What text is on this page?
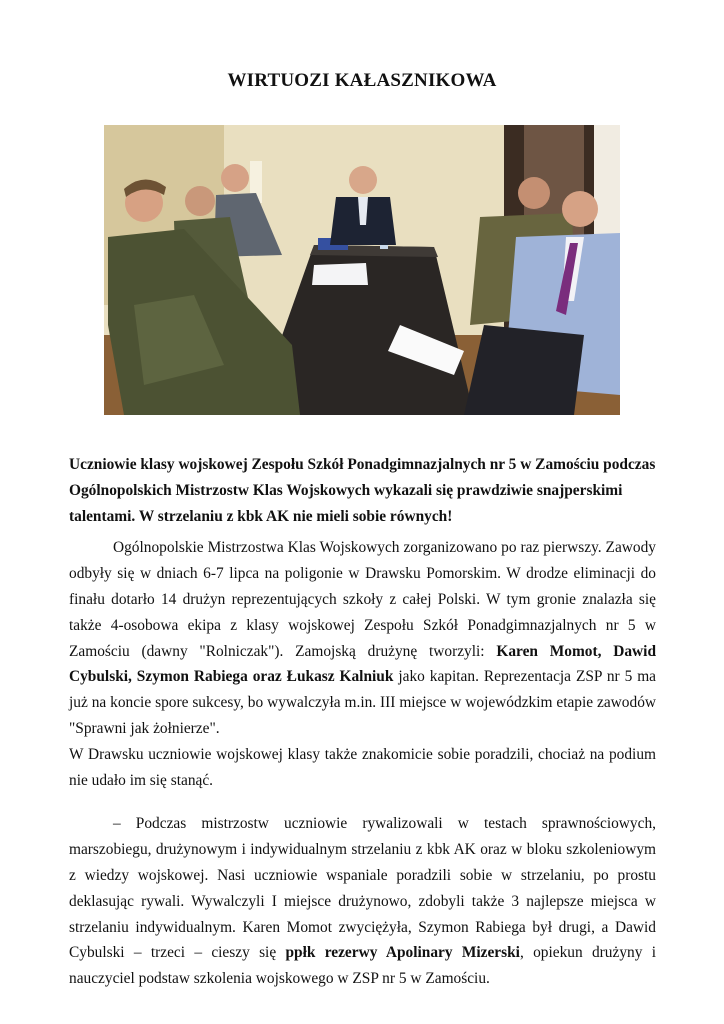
WIRTUOZI KAŁASZNIKOWA

Uczniowie klasy wojskowej Zespołu Szkół Ponadgimnazjalnych nr 5 w Zamościu podczas Ogólnopolskich Mistrzostw Klas Wojskowych wykazali się prawdziwie snajperskimi talentami. W strzelaniu z kbk AK nie mieli sobie równych!

Ogólnopolskie Mistrzostwa Klas Wojskowych zorganizowano po raz pierwszy. Zawody odbyły się w dniach 6-7 lipca na poligonie w Drawsku Pomorskim. W drodze eliminacji do finału dotarło 14 drużyn reprezentujących szkoły z całej Polski. W tym gronie znalazła się także 4-osobowa ekipa z klasy wojskowej Zespołu Szkół Ponadgimnazjalnych nr 5 w Zamościu (dawny "Rolniczak"). Zamojską drużynę tworzyli: Karen Momot, Dawid Cybulski, Szymon Rabiega oraz Łukasz Kalniuk jako kapitan. Reprezentacja ZSP nr 5 ma już na koncie spore sukcesy, bo wywalczyła m.in. III miejsce w wojewódzkim etapie zawodów "Sprawni jak żołnierze".

W Drawsku uczniowie wojskowej klasy także znakomicie sobie poradzili, chociaż na podium nie udało im się stanąć.

– Podczas mistrzostw uczniowie rywalizowali w testach sprawnościowych, marszobiegu, drużynowym i indywidualnym strzelaniu z kbk AK oraz w bloku szkoleniowym z wiedzy wojskowej. Nasi uczniowie wspaniale poradzili sobie w strzelaniu, po prostu deklasując rywali. Wywalczyli I miejsce drużynowo, zdobyli także 3 najlepsze miejsca w strzelaniu indywidualnym. Karen Momot zwyciężyła, Szymon Rabiega był drugi, a Dawid Cybulski – trzeci – cieszy się ppłk rezerwy Apolinary Mizerski, opiekun drużyny i nauczyciel podstaw szkolenia wojskowego w ZSP nr 5 w Zamościu.
